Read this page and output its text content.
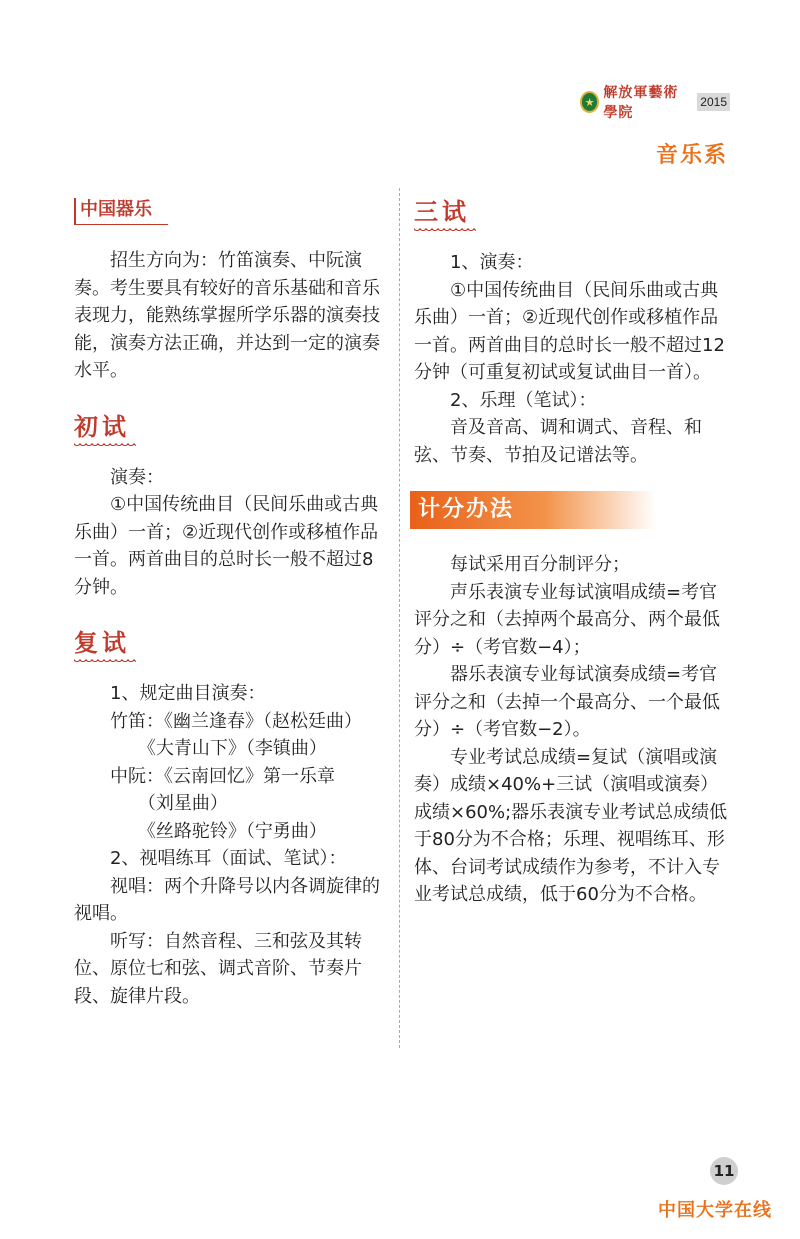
★
解放軍藝術學院
2015
音乐系
中国器乐

招生方向为：竹笛演奏、中阮演奏。考生要具有较好的音乐基础和音乐表现力，能熟练掌握所学乐器的演奏技能，演奏方法正确，并达到一定的演奏水平。

初试

演奏：

①中国传统曲目（民间乐曲或古典乐曲）一首；②近现代创作或移植作品一首。两首曲目的总时长一般不超过8分钟。

复试

1、规定曲目演奏：

竹笛：《幽兰逢春》（赵松廷曲）

《大青山下》（李镇曲）

中阮：《云南回忆》第一乐章

（刘星曲）

《丝路驼铃》（宁勇曲）

2、视唱练耳（面试、笔试）：

视唱：两个升降号以内各调旋律的视唱。

听写：自然音程、三和弦及其转位、原位七和弦、调式音阶、节奏片段、旋律片段。

三试

1、演奏：

①中国传统曲目（民间乐曲或古典乐曲）一首；②近现代创作或移植作品一首。两首曲目的总时长一般不超过12分钟（可重复初试或复试曲目一首）。

2、乐理（笔试）：

音及音高、调和调式、音程、和弦、节奏、节拍及记谱法等。

计分办法

每试采用百分制评分；

声乐表演专业每试演唱成绩=考官评分之和（去掉两个最高分、两个最低分）÷（考官数−4）；

器乐表演专业每试演奏成绩=考官评分之和（去掉一个最高分、一个最低分）÷（考官数−2）。

专业考试总成绩=复试（演唱或演奏）成绩×40%+三试（演唱或演奏）成绩×60%;器乐表演专业考试总成绩低于80分为不合格；乐理、视唱练耳、形体、台词考试成绩作为参考，不计入专业考试总成绩，低于60分为不合格。

11
中国大学在线
